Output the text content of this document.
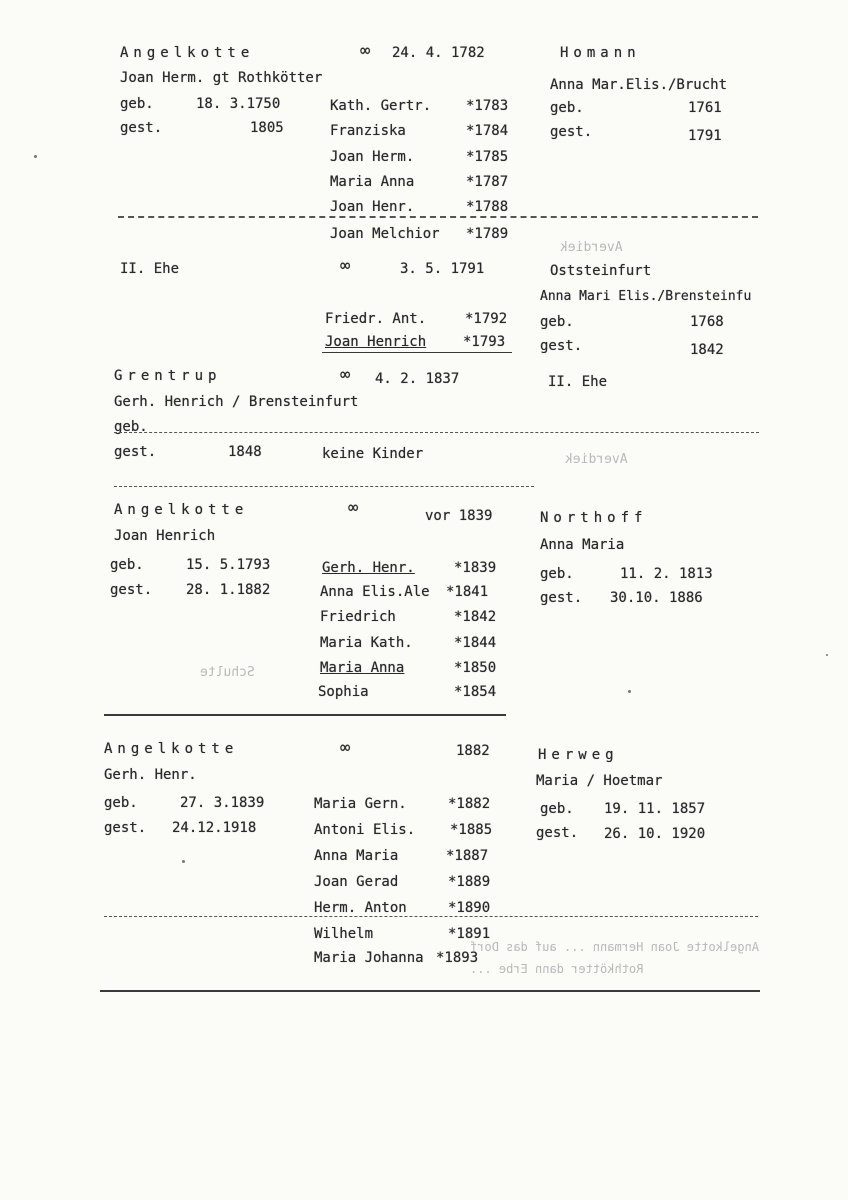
Averdiek
Averdiek
Schulte
Angelkotte Joan Hermann ... auf das Dorf
Rothkötter dann Erbe ...
Angelkotte	∞ 24. 4. 1782	Homann
Joan Herm. gt Rothkötter	Anna Mar.Elis./Brucht
geb.	18. 3.1750
gest.	1805
geb.	1761
gest.	1791
Kath. Gertr. *1783
Franziska	*1784
Joan Herm.	*1785
Maria Anna	*1787
Joan Henr.	*1788
Joan Melchior *1789
II. Ehe	∞	3. 5. 1791	Oststeinfurt
Anna Mari Elis./Brensteinfu
Friedr. Ant.	*1792
Joan Henrich	*1793
geb.	1768
gest.	1842
Grentrup	∞ 4. 2. 1837	II. Ehe
Gerh. Henrich / Brensteinfurt
geb.
gest.	1848	keine Kinder
Angelkotte	∞	vor 1839	Northoff
Joan Henrich
Anna Maria
geb.	15. 5.1793
gest. 28. 1.1882
geb.	11. 2. 1813
gest. 30.10. 1886
Gerh. Henr.	*1839
Anna Elis.Ale *1841
Friedrich	*1842
Maria Kath.	*1844
Maria Anna	*1850
Sophia	*1854
Angelkotte	∞	1882	Herweg
Gerh. Henr.	Maria / Hoetmar
geb.	27. 3.1839
gest. 24.12.1918
geb. 19. 11. 1857
gest. 26. 10. 1920
Maria Gern.	*1882
Antoni Elis. *1885
Anna Maria	*1887
Joan Gerad	*1889
Herm. Anton	*1890
Wilhelm	*1891
Maria Johanna *1893
